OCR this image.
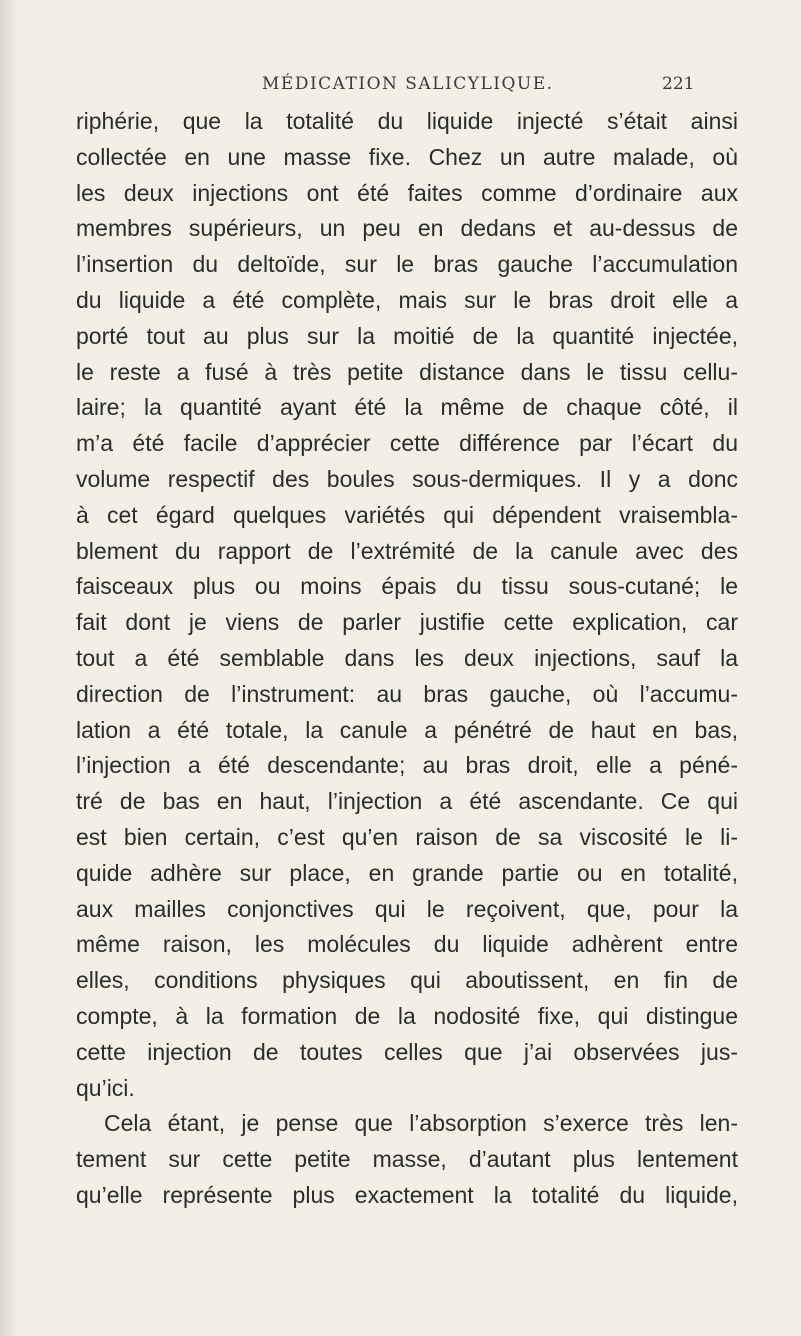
MÉDICATION SALICYLIQUE.	221
riphérie, que la totalité du liquide injecté s’était ainsi
collectée en une masse fixe. Chez un autre malade, où
les deux injections ont été faites comme d’ordinaire aux
membres supérieurs, un peu en dedans et au-dessus de
l’insertion du deltoïde, sur le bras gauche l’accumulation
du liquide a été complète, mais sur le bras droit elle a
porté tout au plus sur la moitié de la quantité injectée,
le reste a fusé à très petite distance dans le tissu cellu-
laire; la quantité ayant été la même de chaque côté, il
m’a été facile d’apprécier cette différence par l’écart du
volume respectif des boules sous-dermiques. Il y a donc
à cet égard quelques variétés qui dépendent vraisembla-
blement du rapport de l’extrémité de la canule avec des
faisceaux plus ou moins épais du tissu sous-cutané; le
fait dont je viens de parler justifie cette explication, car
tout a été semblable dans les deux injections, sauf la
direction de l’instrument: au bras gauche, où l’accumu-
lation a été totale, la canule a pénétré de haut en bas,
l’injection a été descendante; au bras droit, elle a péné-
tré de bas en haut, l’injection a été ascendante. Ce qui
est bien certain, c’est qu’en raison de sa viscosité le li-
quide adhère sur place, en grande partie ou en totalité,
aux mailles conjonctives qui le reçoivent, que, pour la
même raison, les molécules du liquide adhèrent entre
elles, conditions physiques qui aboutissent, en fin de
compte, à la formation de la nodosité fixe, qui distingue
cette injection de toutes celles que j’ai observées jus-
qu’ici.
Cela étant, je pense que l’absorption s’exerce très len-
tement sur cette petite masse, d’autant plus lentement
qu’elle représente plus exactement la totalité du liquide,
